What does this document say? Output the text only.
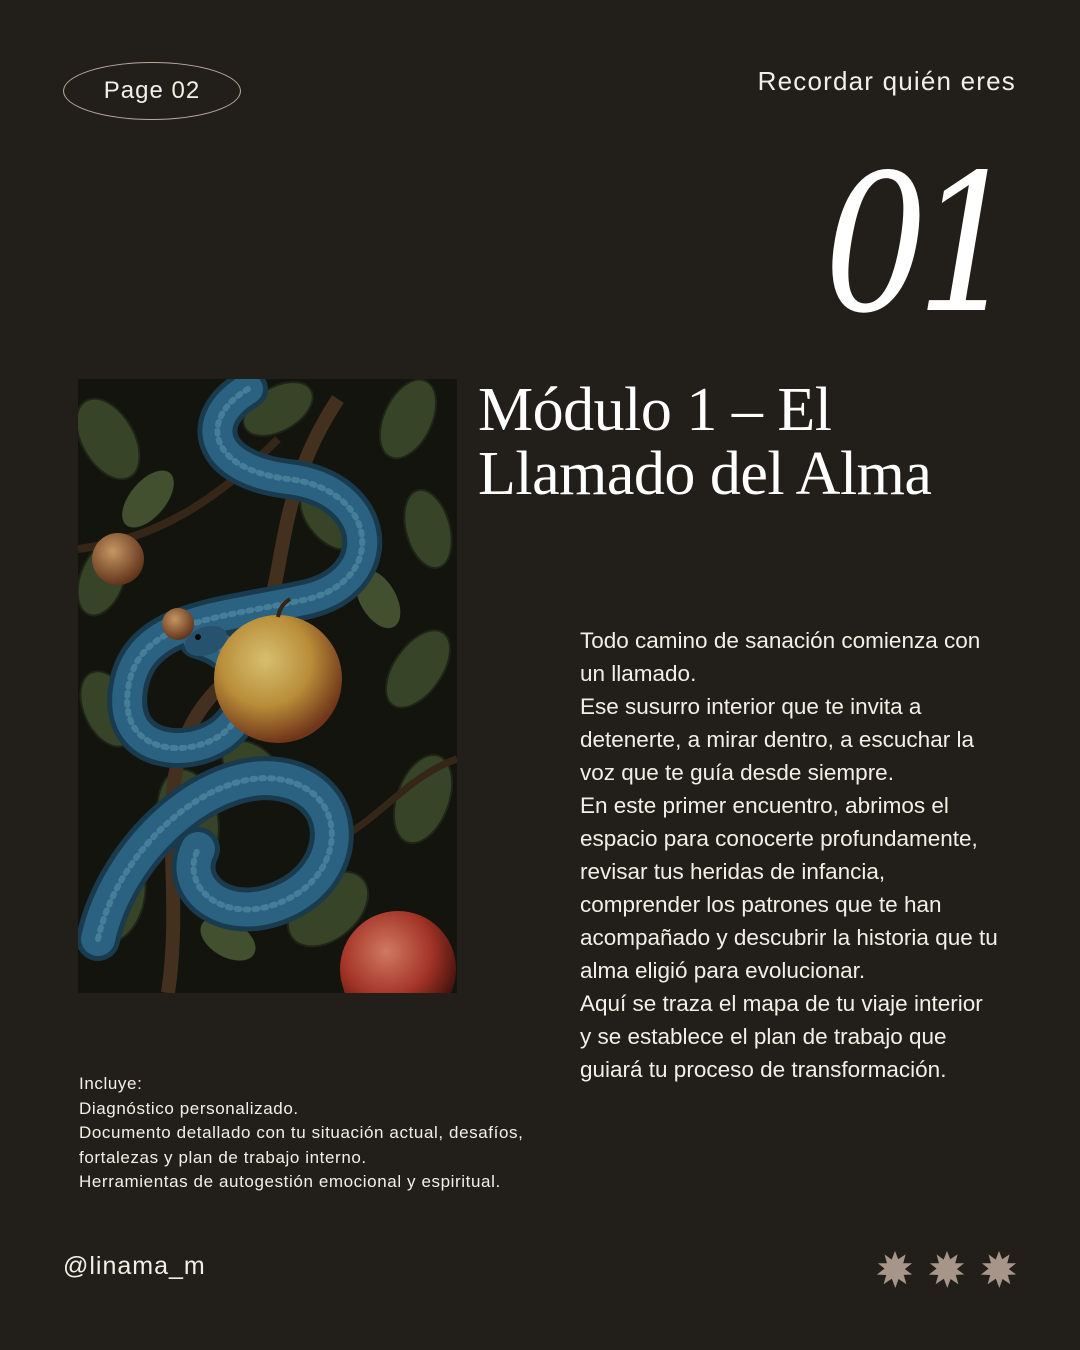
Page 02	Recordar quién eres
01
Módulo 1 – El
Llamado del Alma

Todo camino de sanación comienza con un llamado.

Ese susurro interior que te invita a detenerte, a mirar dentro, a escuchar la voz que te guía desde siempre.

En este primer encuentro, abrimos el espacio para conocerte profundamente, revisar tus heridas de infancia, comprender los patrones que te han acompañado y descubrir la historia que tu alma eligió para evolucionar.

Aquí se traza el mapa de tu viaje interior y se establece el plan de trabajo que guiará tu proceso de transformación.

Incluye:

Diagnóstico personalizado.

Documento detallado con tu situación actual, desafíos, fortalezas y plan de trabajo interno.

Herramientas de autogestión emocional y espiritual.

@linama_m
